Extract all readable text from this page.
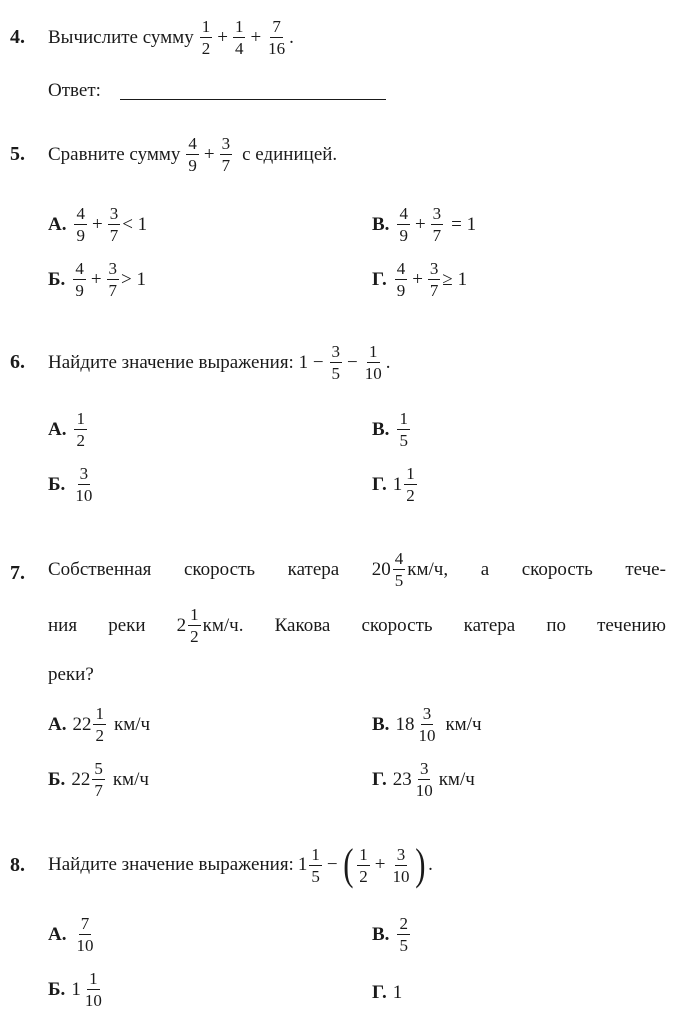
4.	Вычислите сумму $\frac{1}{2} + \frac{1}{4} + \frac{7}{16}$ .
Ответ:
5.	Сравните сумму $\frac{4}{9} + \frac{3}{7}$ с единицей.
А. $\frac{4}{9} + \frac{3}{7} < 1$
Б. $\frac{4}{9} + \frac{3}{7} > 1$
В. $\frac{4}{9} + \frac{3}{7} = 1$
Г. $\frac{4}{9} + \frac{3}{7} \ge 1$
6.	Найдите значение выражения: $1 - \frac{3}{5} - \frac{1}{10}$ .
А. $\frac{1}{2}$
Б. $\frac{3}{10}$
В. $\frac{1}{5}$
Г. $1 \frac{1}{2}$
7. Собственная скорость катера $20 \frac{4}{5} км/ч$, а скорость тече-
ния реки $2 \frac{1}{2} км/ч$. Какова скорость катера по течению
реки?
А. $22 \frac{1}{2} км/ч$
Б. $22 \frac{5}{7} км/ч$
В. $18 \frac{3}{10} км/ч$
Г. $23 \frac{3}{10} км/ч$
8.	Найдите значение выражения: $1 \frac{1}{5}$ − ( $\frac{1}{2} + \frac{3}{10}$ ) .
А. $\frac{7}{10}$
Б. $1 \frac{1}{10}$
В. $\frac{2}{5}$
Г. 1
